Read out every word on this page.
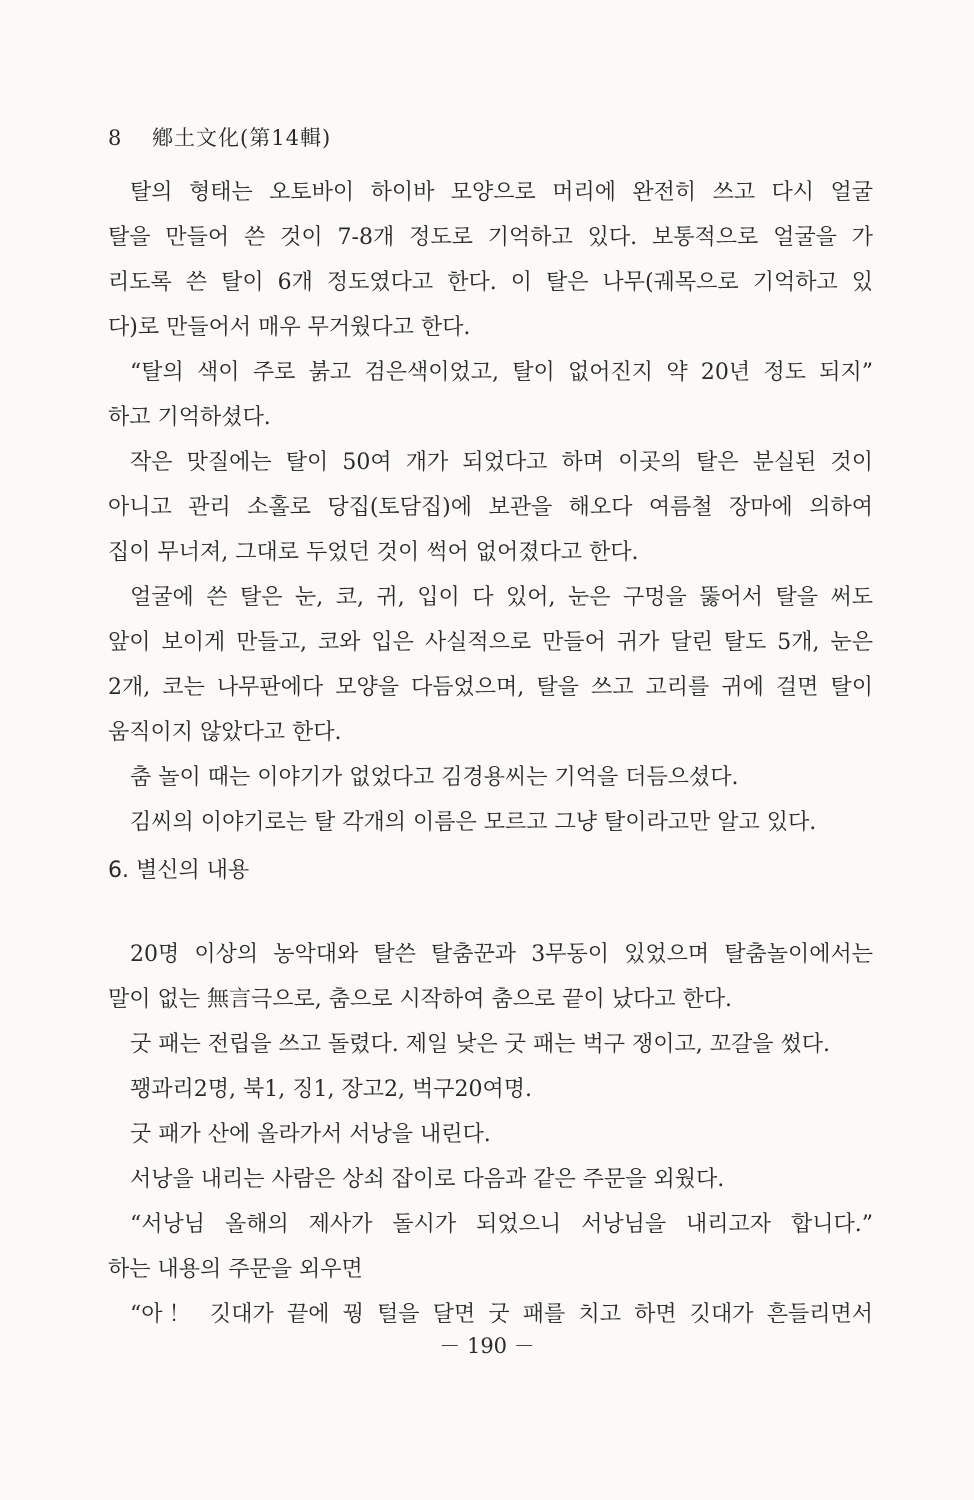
8 鄕土文化(第14輯)
탈의 형태는 오토바이 하이바 모양으로 머리에 완전히 쓰고 다시 얼굴
탈을 만들어 쓴 것이 7-8개 정도로 기억하고 있다. 보통적으로 얼굴을 가
리도록 쓴 탈이 6개 정도였다고 한다. 이 탈은 나무(궤목으로 기억하고 있
다)로 만들어서 매우 무거웠다고 한다.
“탈의 색이 주로 붉고 검은색이었고, 탈이 없어진지 약 20년 정도 되지”
하고 기억하셨다.
작은 맛질에는 탈이 50여 개가 되었다고 하며 이곳의 탈은 분실된 것이
아니고 관리 소홀로 당집(토담집)에 보관을 해오다 여름철 장마에 의하여
집이 무너져, 그대로 두었던 것이 썩어 없어졌다고 한다.
얼굴에 쓴 탈은 눈, 코, 귀, 입이 다 있어, 눈은 구멍을 뚫어서 탈을 써도
앞이 보이게 만들고, 코와 입은 사실적으로 만들어 귀가 달린 탈도 5개, 눈은
2개, 코는 나무판에다 모양을 다듬었으며, 탈을 쓰고 고리를 귀에 걸면 탈이
움직이지 않았다고 한다.
춤 놀이 때는 이야기가 없었다고 김경용씨는 기억을 더듬으셨다.
김씨의 이야기로는 탈 각개의 이름은 모르고 그냥 탈이라고만 알고 있다.
6. 별신의 내용
20명 이상의 농악대와 탈쓴 탈춤꾼과 3무동이 있었으며 탈춤놀이에서는
말이 없는 無言극으로, 춤으로 시작하여 춤으로 끝이 났다고 한다.
굿 패는 전립을 쓰고 돌렸다. 제일 낮은 굿 패는 벅구 쟁이고, 꼬갈을 썼다.
꽹과리2명, 북1, 징1, 장고2, 벅구20여명.
굿 패가 산에 올라가서 서낭을 내린다.
서낭을 내리는 사람은 상쇠 잡이로 다음과 같은 주문을 외웠다.
“서낭님 올해의 제사가 돌시가 되었으니 서낭님을 내리고자 합니다.”
하는 내용의 주문을 외우면
“아！ 깃대가 끝에 꿩 털을 달면 굿 패를 치고 하면 깃대가 흔들리면서
－ 190 －
